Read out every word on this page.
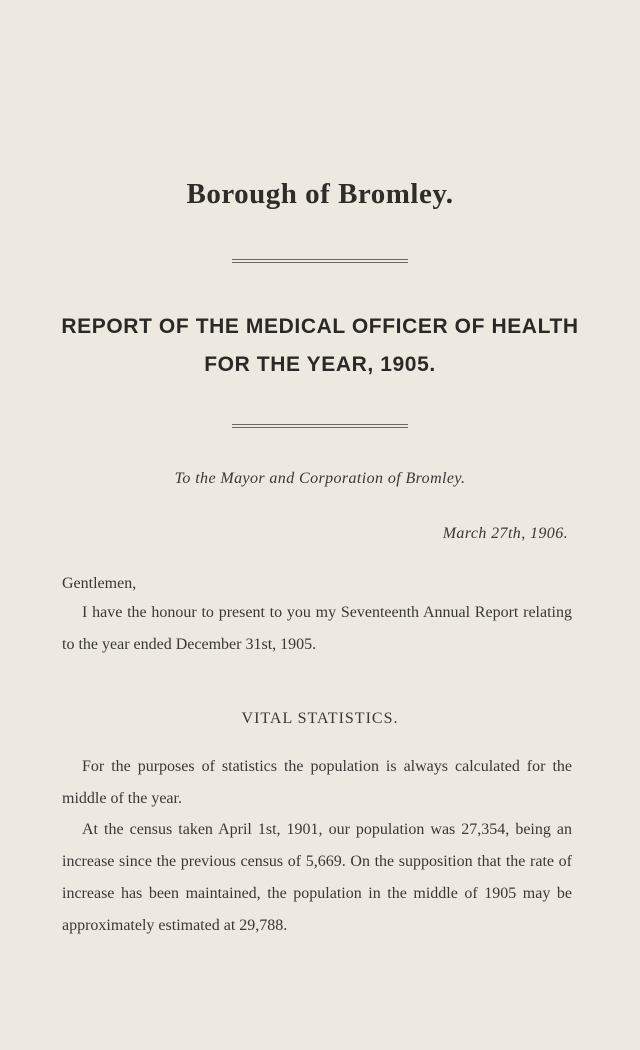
Borough of Bromley.
REPORT OF THE MEDICAL OFFICER OF HEALTH
FOR THE YEAR, 1905.
To the Mayor and Corporation of Bromley.
March 27th, 1906.
Gentlemen,
I have the honour to present to you my Seventeenth Annual Report relating to the year ended December 31st, 1905.
VITAL STATISTICS.
For the purposes of statistics the population is always calculated for the middle of the year.
At the census taken April 1st, 1901, our population was 27,354, being an increase since the previous census of 5,669. On the supposition that the rate of increase has been maintained, the population in the middle of 1905 may be approximately estimated at 29,788.
